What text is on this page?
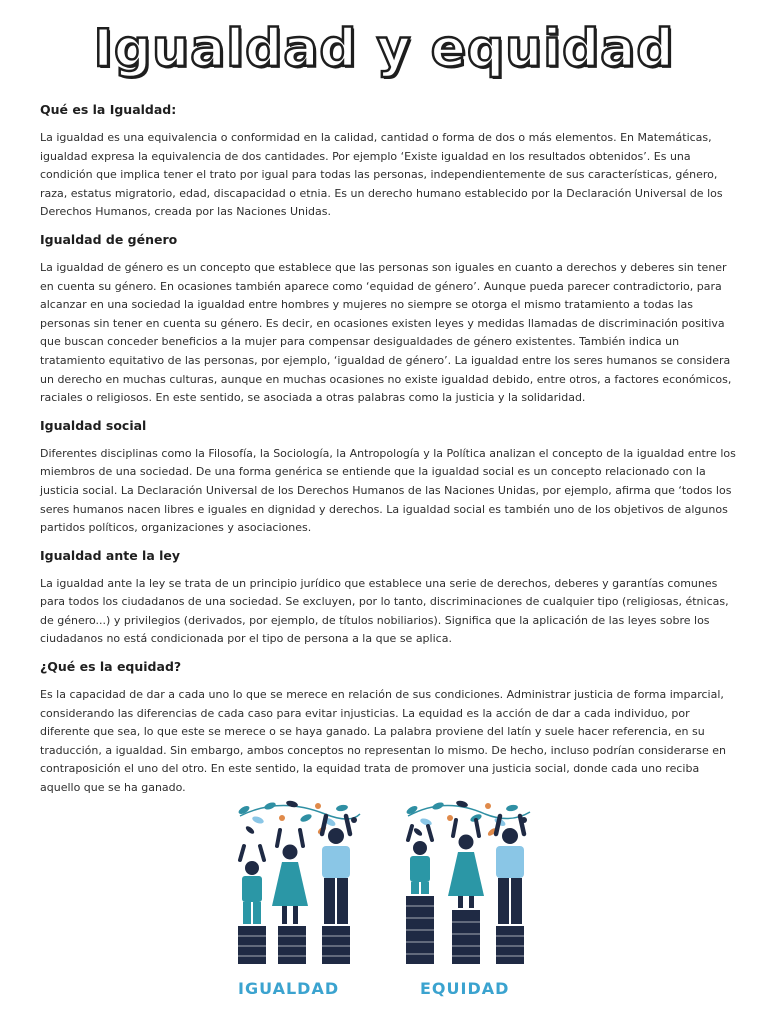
Igualdad y equidad
Qué es la Igualdad:

La igualdad es una equivalencia o conformidad en la calidad, cantidad o forma de dos o más elementos. En Matemáticas, igualdad expresa la equivalencia de dos cantidades. Por ejemplo ‘Existe igualdad en los resultados obtenidos’. Es una condición que implica tener el trato por igual para todas las personas, independientemente de sus características, género, raza, estatus migratorio, edad, discapacidad o etnia. Es un derecho humano establecido por la Declaración Universal de los Derechos Humanos, creada por las Naciones Unidas.

Igualdad de género

La igualdad de género es un concepto que establece que las personas son iguales en cuanto a derechos y deberes sin tener en cuenta su género. En ocasiones también aparece como ‘equidad de género’. Aunque pueda parecer contradictorio, para alcanzar en una sociedad la igualdad entre hombres y mujeres no siempre se otorga el mismo tratamiento a todas las personas sin tener en cuenta su género. Es decir, en ocasiones existen leyes y medidas llamadas de discriminación positiva que buscan conceder beneficios a la mujer para compensar desigualdades de género existentes. También indica un tratamiento equitativo de las personas, por ejemplo, ‘igualdad de género’. La igualdad entre los seres humanos se considera un derecho en muchas culturas, aunque en muchas ocasiones no existe igualdad debido, entre otros, a factores económicos, raciales o religiosos. En este sentido, se asociada a otras palabras como la justicia y la solidaridad.

Igualdad social

Diferentes disciplinas como la Filosofía, la Sociología, la Antropología y la Política analizan el concepto de la igualdad entre los miembros de una sociedad. De una forma genérica se entiende que la igualdad social es un concepto relacionado con la justicia social. La Declaración Universal de los Derechos Humanos de las Naciones Unidas, por ejemplo, afirma que ‘todos los seres humanos nacen libres e iguales en dignidad y derechos. La igualdad social es también uno de los objetivos de algunos partidos políticos, organizaciones y asociaciones.

Igualdad ante la ley

La igualdad ante la ley se trata de un principio jurídico que establece una serie de derechos, deberes y garantías comunes para todos los ciudadanos de una sociedad. Se excluyen, por lo tanto, discriminaciones de cualquier tipo (religiosas, étnicas, de género...) y privilegios (derivados, por ejemplo, de títulos nobiliarios). Significa que la aplicación de las leyes sobre los ciudadanos no está condicionada por el tipo de persona a la que se aplica.

¿Qué es la equidad?

Es la capacidad de dar a cada uno lo que se merece en relación de sus condiciones. Administrar justicia de forma imparcial, considerando las diferencias de cada caso para evitar injusticias. La equidad es la acción de dar a cada individuo, por diferente que sea, lo que este se merece o se haya ganado. La palabra proviene del latín y suele hacer referencia, en su traducción, a igualdad. Sin embargo, ambos conceptos no representan lo mismo. De hecho, incluso podrían considerarse en contraposición el uno del otro. En este sentido, la equidad trata de promover una justicia social, donde cada uno reciba aquello que se ha ganado.

IGUALDAD	EQUIDAD
